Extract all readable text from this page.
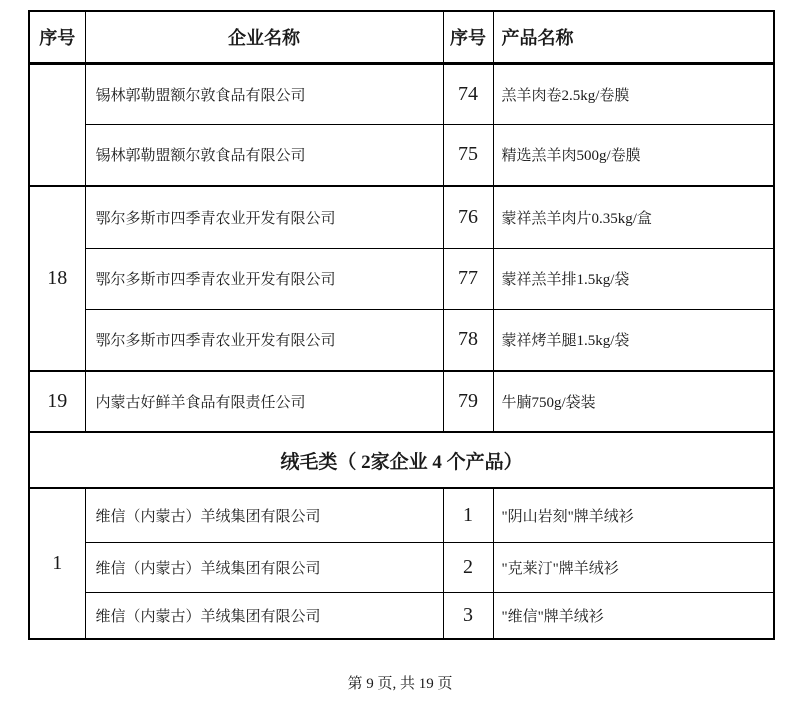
序号	企业名称	序号	产品名称
	锡林郭勒盟额尔敦食品有限公司	74	羔羊肉卷2.5kg/卷膜
	锡林郭勒盟额尔敦食品有限公司	75	精选羔羊肉500g/卷膜
18	鄂尔多斯市四季青农业开发有限公司	76	蒙祥羔羊肉片0.35kg/盒
	鄂尔多斯市四季青农业开发有限公司	77	蒙祥羔羊排1.5kg/袋
	鄂尔多斯市四季青农业开发有限公司	78	蒙祥烤羊腿1.5kg/袋
19	内蒙古好鲜羊食品有限责任公司	79	牛腩750g/袋装
绒毛类（ 2家企业 4 个产品）			
1	维信（内蒙古）羊绒集团有限公司	1	"阴山岩刻"牌羊绒衫
	维信（内蒙古）羊绒集团有限公司	2	"克莱汀"牌羊绒衫
	维信（内蒙古）羊绒集团有限公司	3	"维信"牌羊绒衫
第 9 页, 共 19 页
